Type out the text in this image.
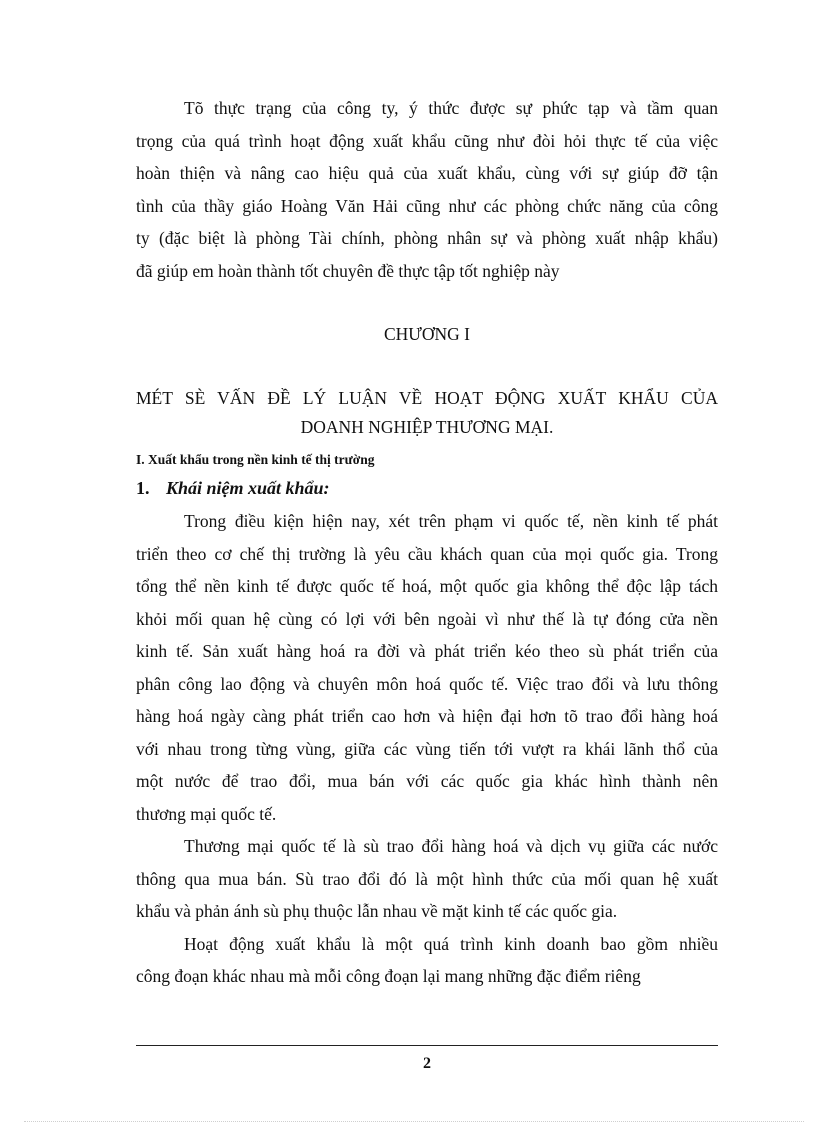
Tõ thực trạng của công ty, ý thức được sự phức tạp và tầm quan
trọng của quá trình hoạt động xuất khẩu cũng như đòi hỏi thực tế của việc
hoàn thiện và nâng cao hiệu quả của xuất khẩu, cùng với sự giúp đỡ tận
tình của thầy giáo Hoàng Văn Hải cũng như các phòng chức năng của công
ty (đặc biệt là phòng Tài chính, phòng nhân sự và phòng xuất nhập khẩu)
đã giúp em hoàn thành tốt chuyên đề thực tập tốt nghiệp này
CHƯƠNG I
MÉT SÈ VẤN ĐỀ LÝ LUẬN VỀ HOẠT ĐỘNG XUẤT KHẨU CỦA
DOANH NGHIỆP THƯƠNG MẠI.
I. Xuất khẩu trong nền kinh tế thị trường
1. Khái niệm xuất khẩu:
Trong điều kiện hiện nay, xét trên phạm vi quốc tế, nền kinh tế phát
triển theo cơ chế thị trường là yêu cầu khách quan của mọi quốc gia. Trong
tổng thể nền kinh tế được quốc tế hoá, một quốc gia không thể độc lập tách
khỏi mối quan hệ cùng có lợi với bên ngoài vì như thế là tự đóng cửa nền
kinh tế. Sản xuất hàng hoá ra đời và phát triển kéo theo sù phát triển của
phân công lao động và chuyên môn hoá quốc tế. Việc trao đổi và lưu thông
hàng hoá ngày càng phát triển cao hơn và hiện đại hơn tõ trao đổi hàng hoá
với nhau trong từng vùng, giữa các vùng tiến tới vượt ra khái lãnh thổ của
một nước để trao đổi, mua bán với các quốc gia khác hình thành nên
thương mại quốc tế.
Thương mại quốc tế là sù trao đổi hàng hoá và dịch vụ giữa các nước
thông qua mua bán. Sù trao đổi đó là một hình thức của mối quan hệ xuất
khẩu và phản ánh sù phụ thuộc lẫn nhau về mặt kinh tế các quốc gia.
Hoạt động xuất khẩu là một quá trình kinh doanh bao gồm nhiều
công đoạn khác nhau mà mỗi công đoạn lại mang những đặc điểm riêng
2
